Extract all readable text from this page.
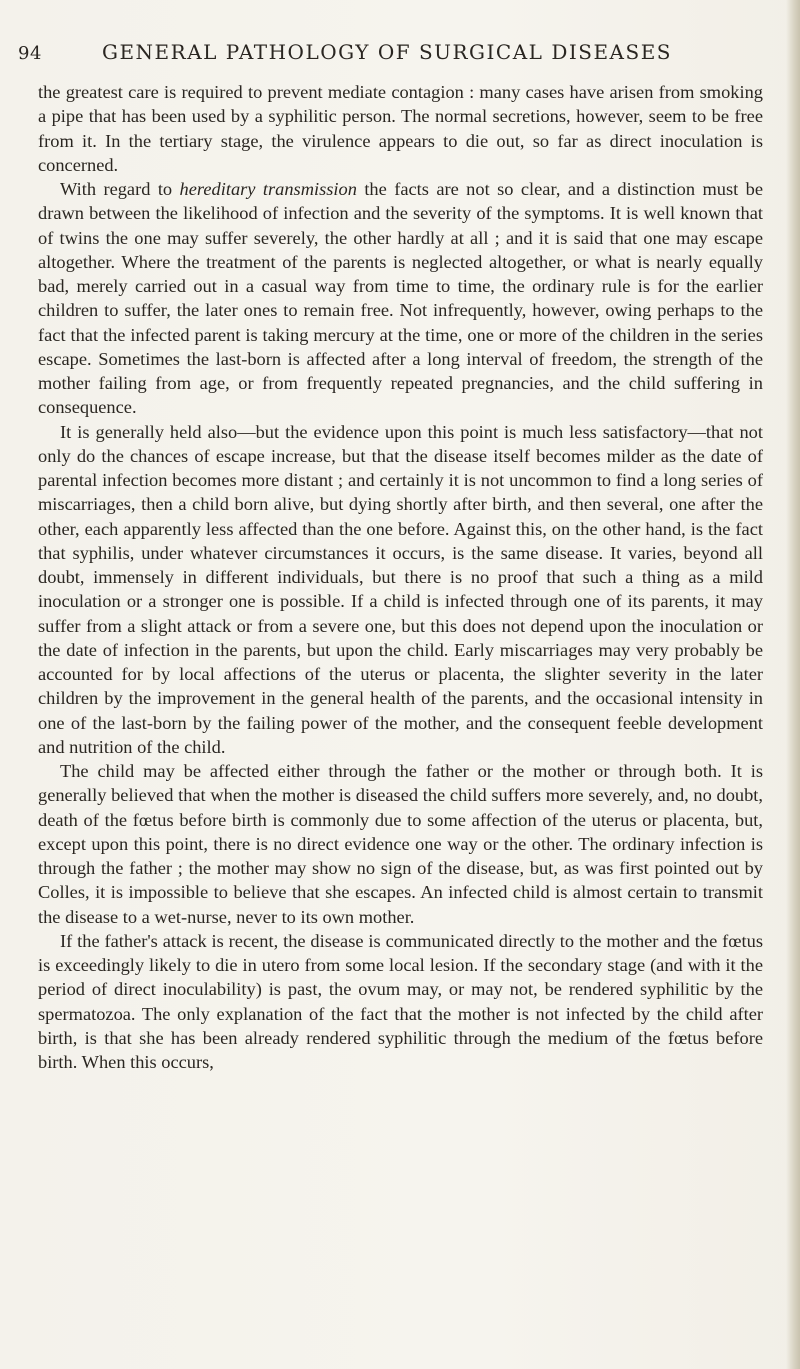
94	GENERAL PATHOLOGY OF SURGICAL DISEASES

the greatest care is required to prevent mediate contagion : many cases have arisen from smoking a pipe that has been used by a syphilitic person. The normal secretions, however, seem to be free from it. In the tertiary stage, the virulence appears to die out, so far as direct inoculation is concerned.

With regard to hereditary transmission the facts are not so clear, and a distinction must be drawn between the likelihood of infection and the severity of the symptoms. It is well known that of twins the one may suffer severely, the other hardly at all ; and it is said that one may escape altogether. Where the treatment of the parents is neglected altogether, or what is nearly equally bad, merely carried out in a casual way from time to time, the ordinary rule is for the earlier children to suffer, the later ones to remain free. Not infrequently, however, owing perhaps to the fact that the infected parent is taking mercury at the time, one or more of the children in the series escape. Sometimes the last-born is affected after a long interval of freedom, the strength of the mother failing from age, or from frequently repeated pregnancies, and the child suffering in consequence.

It is generally held also—but the evidence upon this point is much less satisfactory—that not only do the chances of escape increase, but that the disease itself becomes milder as the date of parental infection becomes more distant ; and certainly it is not uncommon to find a long series of miscarriages, then a child born alive, but dying shortly after birth, and then several, one after the other, each apparently less affected than the one before. Against this, on the other hand, is the fact that syphilis, under whatever circumstances it occurs, is the same disease. It varies, beyond all doubt, immensely in different individuals, but there is no proof that such a thing as a mild inoculation or a stronger one is possible. If a child is infected through one of its parents, it may suffer from a slight attack or from a severe one, but this does not depend upon the inoculation or the date of infection in the parents, but upon the child. Early miscarriages may very probably be accounted for by local affections of the uterus or placenta, the slighter severity in the later children by the improvement in the general health of the parents, and the occasional intensity in one of the last-born by the failing power of the mother, and the consequent feeble development and nutrition of the child.

The child may be affected either through the father or the mother or through both. It is generally believed that when the mother is diseased the child suffers more severely, and, no doubt, death of the fœtus before birth is commonly due to some affection of the uterus or placenta, but, except upon this point, there is no direct evidence one way or the other. The ordinary infection is through the father ; the mother may show no sign of the disease, but, as was first pointed out by Colles, it is impossible to believe that she escapes. An infected child is almost certain to transmit the disease to a wet-nurse, never to its own mother.

If the father's attack is recent, the disease is communicated directly to the mother and the fœtus is exceedingly likely to die in utero from some local lesion. If the secondary stage (and with it the period of direct inoculability) is past, the ovum may, or may not, be rendered syphilitic by the spermatozoa. The only explanation of the fact that the mother is not infected by the child after birth, is that she has been already rendered syphilitic through the medium of the fœtus before birth. When this occurs,
